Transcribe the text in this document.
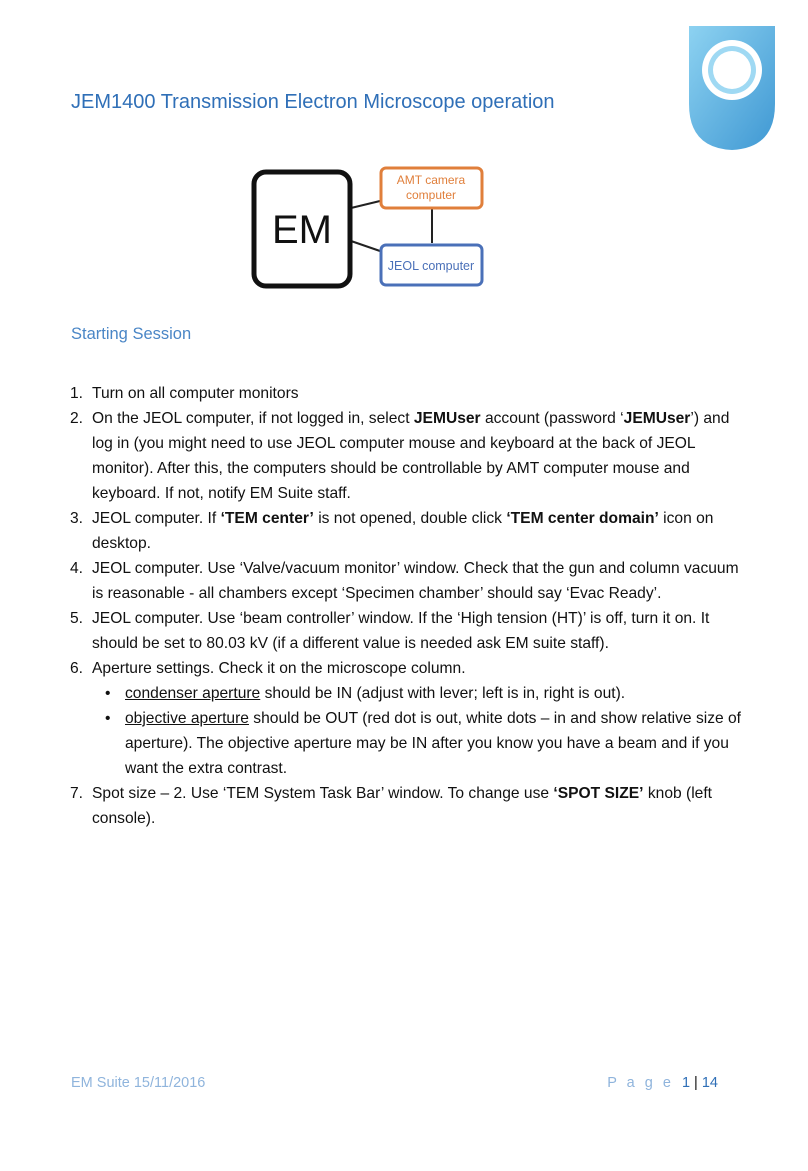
JEM1400 Transmission Electron Microscope operation
EM
AMT camera
computer
JEOL computer
Starting Session
1. Turn on all computer monitors
2. On the JEOL computer, if not logged in, select JEMUser account (password ‘JEMUser’) and log in (you might need to use JEOL computer mouse and keyboard at the back of JEOL monitor). After this, the computers should be controllable by AMT computer mouse and keyboard. If not, notify EM Suite staff.
3. JEOL computer. If ‘TEM center’ is not opened, double click ‘TEM center domain’ icon on desktop.
4. JEOL computer. Use ‘Valve/vacuum monitor’ window. Check that the gun and column vacuum is reasonable - all chambers except ‘Specimen chamber’ should say ‘Evac Ready’.
5. JEOL computer. Use ‘beam controller’ window. If the ‘High tension (HT)’ is off, turn it on. It should be set to 80.03 kV (if a different value is needed ask EM suite staff).
6. Aperture settings. Check it on the microscope column.
• condenser aperture should be IN (adjust with lever; left is in, right is out).
• objective aperture should be OUT (red dot is out, white dots – in and show relative size of aperture). The objective aperture may be IN after you know you have a beam and if you want the extra contrast.
7. Spot size – 2. Use ‘TEM System Task Bar’ window. To change use ‘SPOT SIZE’ knob (left console).
EM Suite 15/11/2016	P a g e 1 | 14
